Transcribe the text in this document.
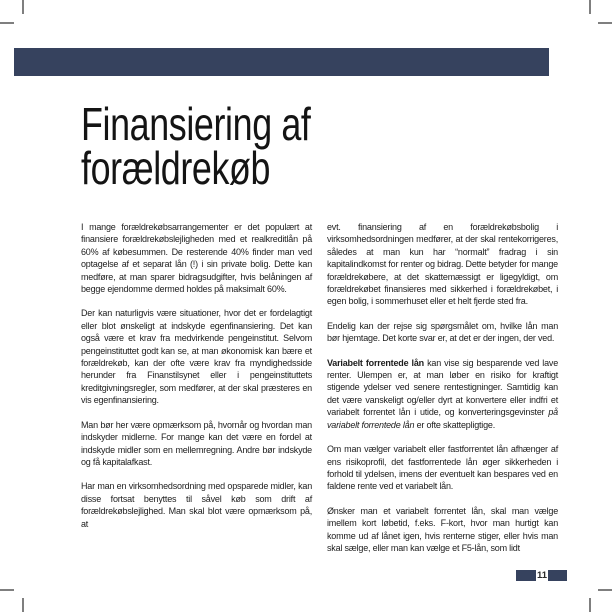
Finansiering af
forældrekøb

I mange forældrekøbsarrangementer er det populært at finansiere forældrekøbslejligheden med et realkreditlån på 60% af købesummen. De resterende 40% finder man ved optagelse af et separat lån (!) i sin private bolig. Dette kan medføre, at man sparer bidragsudgifter, hvis belåningen af begge ejendomme dermed holdes på maksimalt 60%.

Der kan naturligvis være situationer, hvor det er fordelagtigt eller blot ønskeligt at indskyde egenfinansiering. Det kan også være et krav fra medvirkende pengeinstitut. Selvom pengeinstituttet godt kan se, at man økonomisk kan bære et forældrekøb, kan der ofte være krav fra myndighedsside herunder fra Finanstilsynet eller i pengeinstituttets kreditgivningsregler, som medfører, at der skal præsteres en vis egenfinansiering.

Man bør her være opmærksom på, hvornår og hvordan man indskyder midlerne. For mange kan det være en fordel at indskyde midler som en mellemregning. Andre bør indskyde og få kapitalafkast.

Har man en virksomhedsordning med opsparede midler, kan disse fortsat benyttes til såvel køb som drift af forældrekøbslejlighed. Man skal blot være opmærksom på, at

evt. finansiering af en forældrekøbsbolig i virksomhedsordningen medfører, at der skal rentekorrigeres, således at man kun har “normalt” fradrag i sin kapitalindkomst for renter og bidrag. Dette betyder for mange forældrekøbere, at det skattemæssigt er ligegyldigt, om forældrekøbet finansieres med sikkerhed i forældrekøbet, i egen bolig, i sommerhuset eller et helt fjerde sted fra.

Endelig kan der rejse sig spørgsmålet om, hvilke lån man bør hjemtage. Det korte svar er, at det er der ingen, der ved.

Variabelt forrentede lån kan vise sig besparende ved lave renter. Ulempen er, at man løber en risiko for kraftigt stigende ydelser ved senere rentestigninger. Samtidig kan det være vanskeligt og/eller dyrt at konvertere eller indfri et variabelt forrentet lån i utide, og konverteringsgevinster på variabelt forrentede lån er ofte skattepligtige.

Om man vælger variabelt eller fastforrentet lån afhænger af ens risikoprofil, det fastforrentede lån øger sikkerheden i forhold til ydelsen, imens der eventuelt kan bespares ved en faldene rente ved et variabelt lån.

Ønsker man et variabelt forrentet lån, skal man vælge imellem kort løbetid, f.eks. F-kort, hvor man hurtigt kan komme ud af lånet igen, hvis renterne stiger, eller hvis man skal sælge, eller man kan vælge et F5-lån, som lidt

11
